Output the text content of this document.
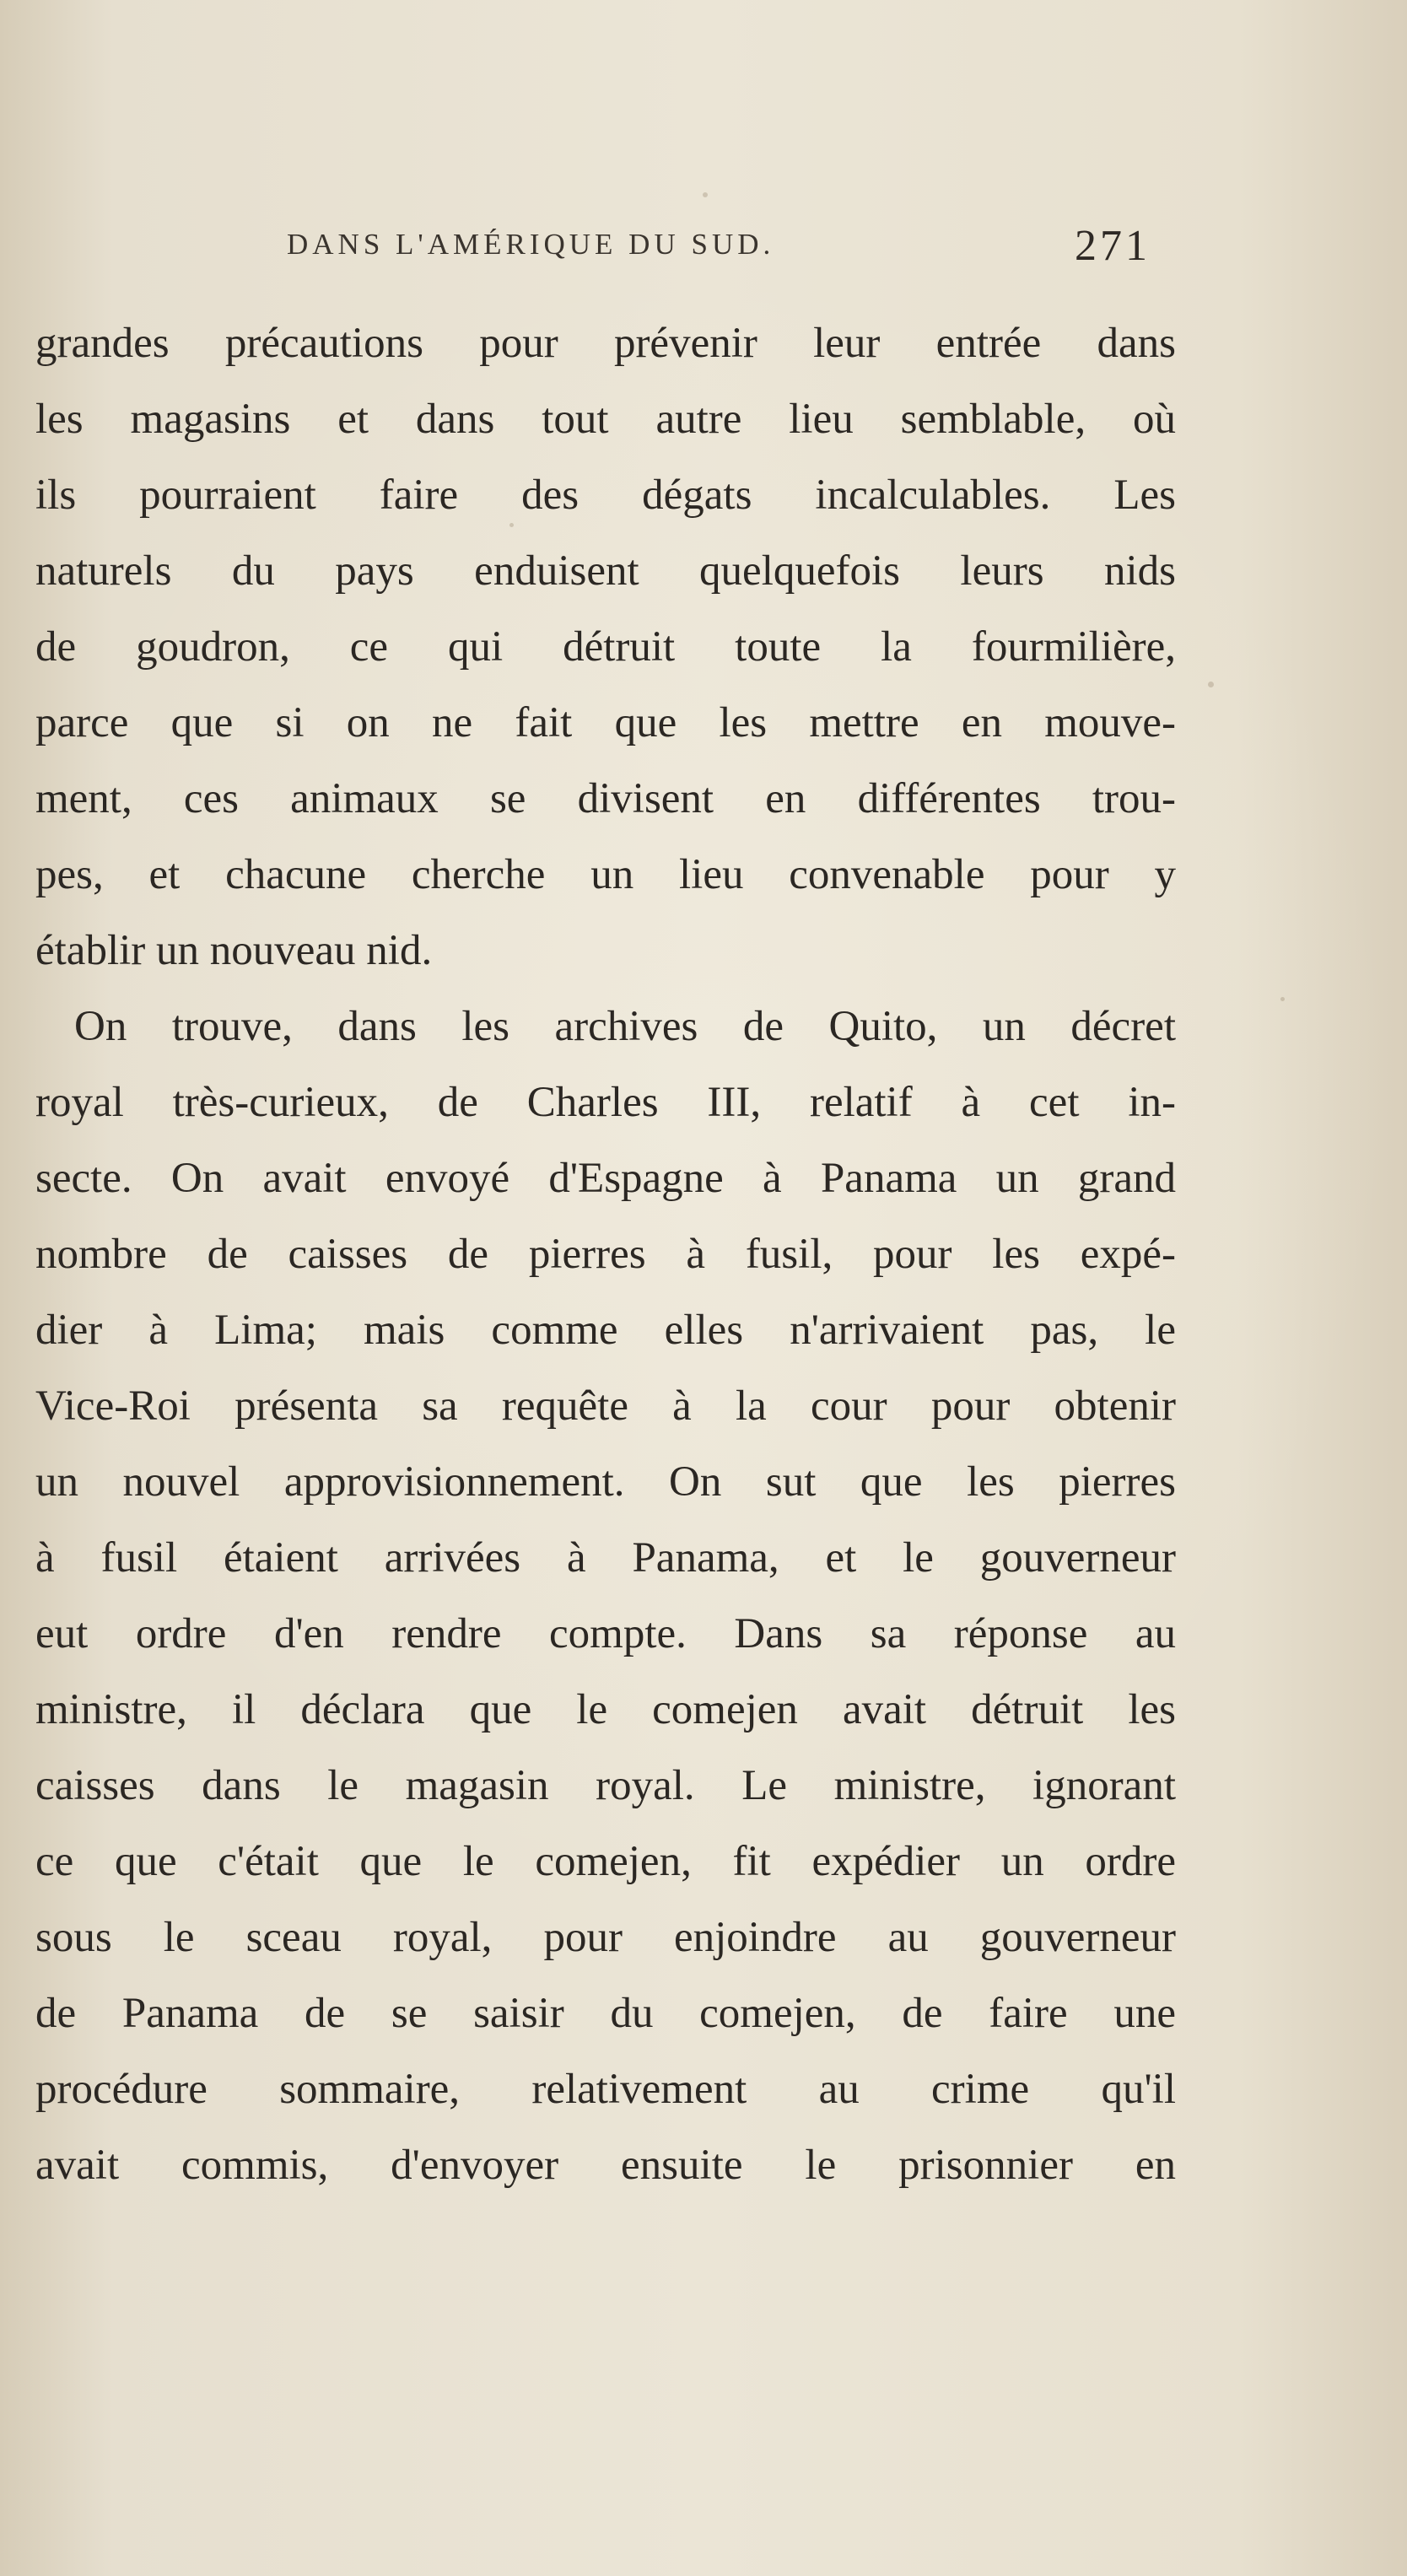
DANS L'AMÉRIQUE DU SUD.	271
grandes précautions pour prévenir leur entrée dans
les magasins et dans tout autre lieu semblable, où
ils pourraient faire des dégats incalculables. Les
naturels du pays enduisent quelquefois leurs nids
de goudron, ce qui détruit toute la fourmilière,
parce que si on ne fait que les mettre en mouve-
ment, ces animaux se divisent en différentes trou-
pes, et chacune cherche un lieu convenable pour y
établir un nouveau nid.
On trouve, dans les archives de Quito, un décret
royal très-curieux, de Charles III, relatif à cet in-
secte. On avait envoyé d'Espagne à Panama un grand
nombre de caisses de pierres à fusil, pour les expé-
dier à Lima; mais comme elles n'arrivaient pas, le
Vice-Roi présenta sa requête à la cour pour obtenir
un nouvel approvisionnement. On sut que les pierres
à fusil étaient arrivées à Panama, et le gouverneur
eut ordre d'en rendre compte. Dans sa réponse au
ministre, il déclara que le comejen avait détruit les
caisses dans le magasin royal. Le ministre, ignorant
ce que c'était que le comejen, fit expédier un ordre
sous le sceau royal, pour enjoindre au gouverneur
de Panama de se saisir du comejen, de faire une
procédure sommaire, relativement au crime qu'il
avait commis, d'envoyer ensuite le prisonnier en
